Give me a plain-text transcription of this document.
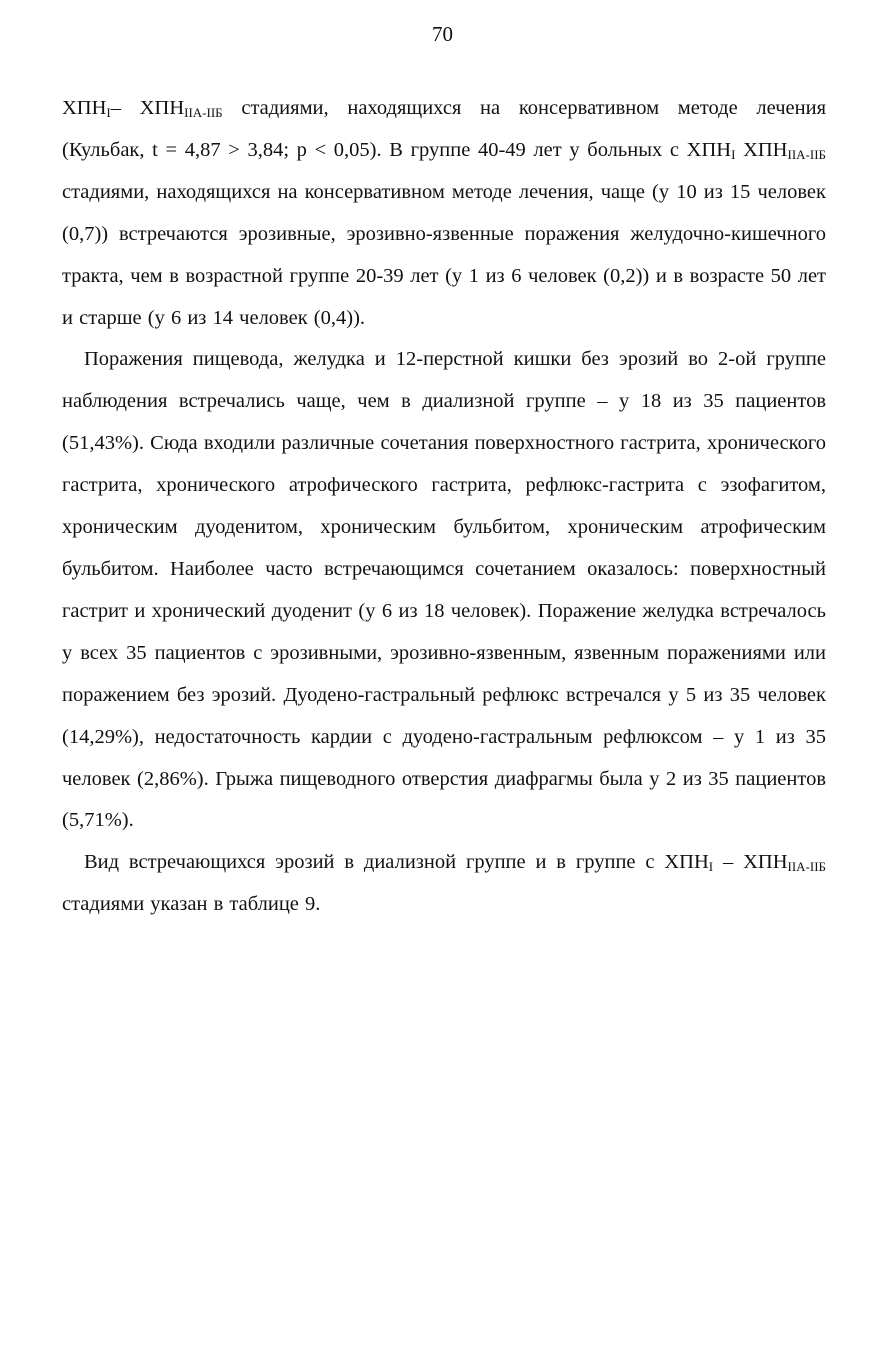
70

$ХПН_I-$ $ХПН_{IIА-IIБ}$ стадиями, находящихся на консервативном методе лечения (Кульбак, t = 4,87 > 3,84; p < 0,05). В группе 40-49 лет у больных с $ХПН_I$ $ХПН_{IIА-IIБ}$ стадиями, находящихся на консервативном методе лечения, чаще (у 10 из 15 человек (0,7)) встречаются эрозивные, эрозивно-язвенные поражения желудочно-кишечного тракта, чем в возрастной группе 20-39 лет (у 1 из 6 человек (0,2)) и в возрасте 50 лет и старше (у 6 из 14 человек (0,4)).

Поражения пищевода, желудка и 12-перстной кишки без эрозий во 2-ой группе наблюдения встречались чаще, чем в диализной группе – у 18 из 35 пациентов (51,43%). Сюда входили различные сочетания поверхностного гастрита, хронического гастрита, хронического атрофического гастрита, рефлюкс-гастрита с эзофагитом, хроническим дуоденитом, хроническим бульбитом, хроническим атрофическим бульбитом. Наиболее часто встречающимся сочетанием оказалось: поверхностный гастрит и хронический дуоденит (у 6 из 18 человек). Поражение желудка встречалось у всех 35 пациентов с эрозивными, эрозивно-язвенным, язвенным поражениями или поражением без эрозий. Дуодено-гастральный рефлюкс встречался у 5 из 35 человек (14,29%), недостаточность кардии с дуодено-гастральным рефлюксом – у 1 из 35 человек (2,86%). Грыжа пищеводного отверстия диафрагмы была у 2 из 35 пациентов (5,71%).

Вид встречающихся эрозий в диализной группе и в группе с $ХПН_I - ХПН_{IIА-IIБ}$ стадиями указан в таблице 9.
